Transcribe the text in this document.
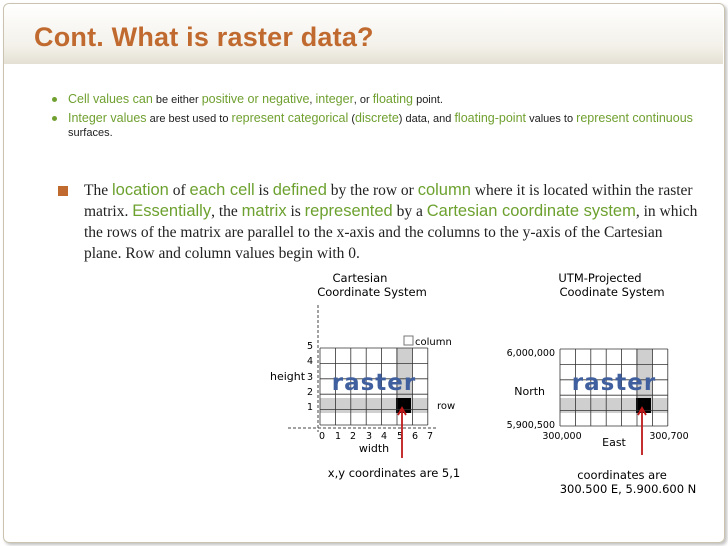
Cont. What is raster data?
Cell values can be either positive or negative, integer, or floating point.
Integer values are best used to represent categorical (discrete) data, and floating-point values to represent continuous surfaces.
The location of each cell is defined by the row or column where it is located within the raster matrix. Essentially, the matrix is represented by a Cartesian coordinate system, in which the rows of the matrix are parallel to the x-axis and the columns to the y-axis of the Cartesian plane. Row and column values begin with 0.
Cartesian
Coordinate System
raster
0 1 2 3 4 5 6 7
1
2
3
4
5
height
width
column
row
x,y coordinates are 5,1
UTM-Projected
Coodinate System
raster
6,000,000
5,900,500
North
300,000	300,700
East
coordinates are
300.500 E, 5.900.600 N
